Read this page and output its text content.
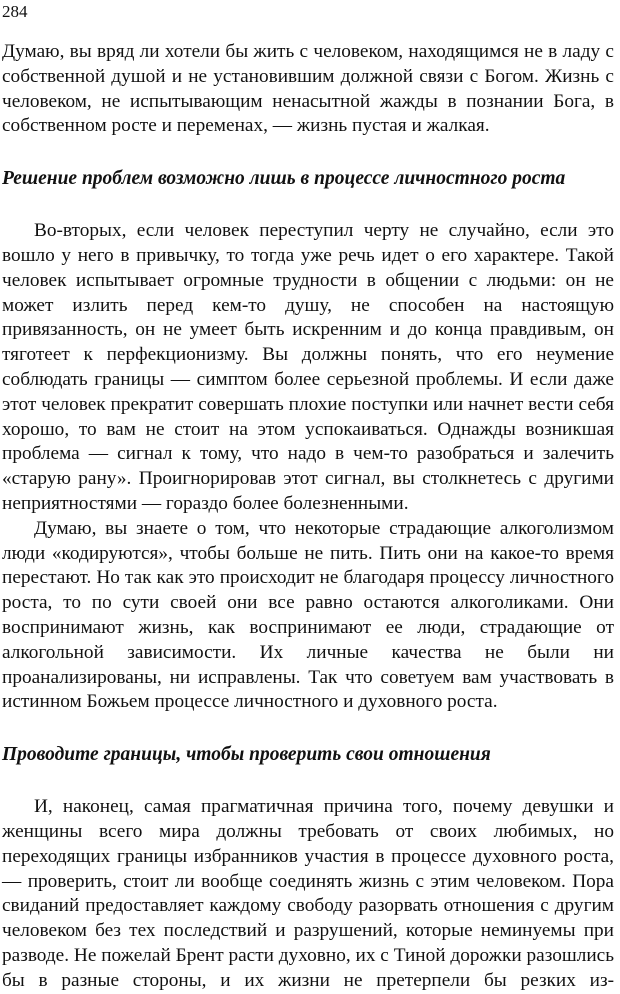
284

Думаю, вы вряд ли хотели бы жить с человеком, находящимся не в ладу с собственной душой и не установившим должной связи с Богом. Жизнь с человеком, не испытывающим ненасытной жажды в познании Бога, в собственном росте и переменах, — жизнь пустая и жалкая.

Решение проблем возможно лишь в процессе личностного роста

Во-вторых, если человек переступил черту не случайно, если это вошло у него в привычку, то тогда уже речь идет о его характере. Такой человек испытывает огромные трудности в общении с людьми: он не может излить перед кем-то душу, не способен на настоящую привязанность, он не умеет быть искренним и до конца правдивым, он тяготеет к перфекционизму. Вы должны понять, что его неумение соблюдать границы — симптом более серьезной проблемы. И если даже этот человек прекратит совершать плохие поступки или начнет вести себя хорошо, то вам не стоит на этом успокаиваться. Однажды возникшая проблема — сигнал к тому, что надо в чем-то разобраться и залечить «старую рану». Проигнорировав этот сигнал, вы столкнетесь с другими неприятностями — гораздо более болезненными.

Думаю, вы знаете о том, что некоторые страдающие алкоголизмом люди «кодируются», чтобы больше не пить. Пить они на какое-то время перестают. Но так как это происходит не благодаря процессу личностного роста, то по сути своей они все равно остаются алкоголиками. Они воспринимают жизнь, как воспринимают ее люди, страдающие от алкогольной зависимости. Их личные качества не были ни проанализированы, ни исправлены. Так что советуем вам участвовать в истинном Божьем процессе личностного и духовного роста.

Проводите границы, чтобы проверить свои отношения

И, наконец, самая прагматичная причина того, почему девушки и женщины всего мира должны требовать от своих любимых, но переходящих границы избранников участия в процессе духовного роста, — проверить, стоит ли вообще соединять жизнь с этим человеком. Пора свиданий предоставляет каждому свободу разорвать отношения с другим человеком без тех последствий и разрушений, которые неминуемы при разводе. Не пожелай Брент расти духовно, их с Тиной дорожки разошлись бы в разные стороны, и их жизни не претерпели бы резких из-
